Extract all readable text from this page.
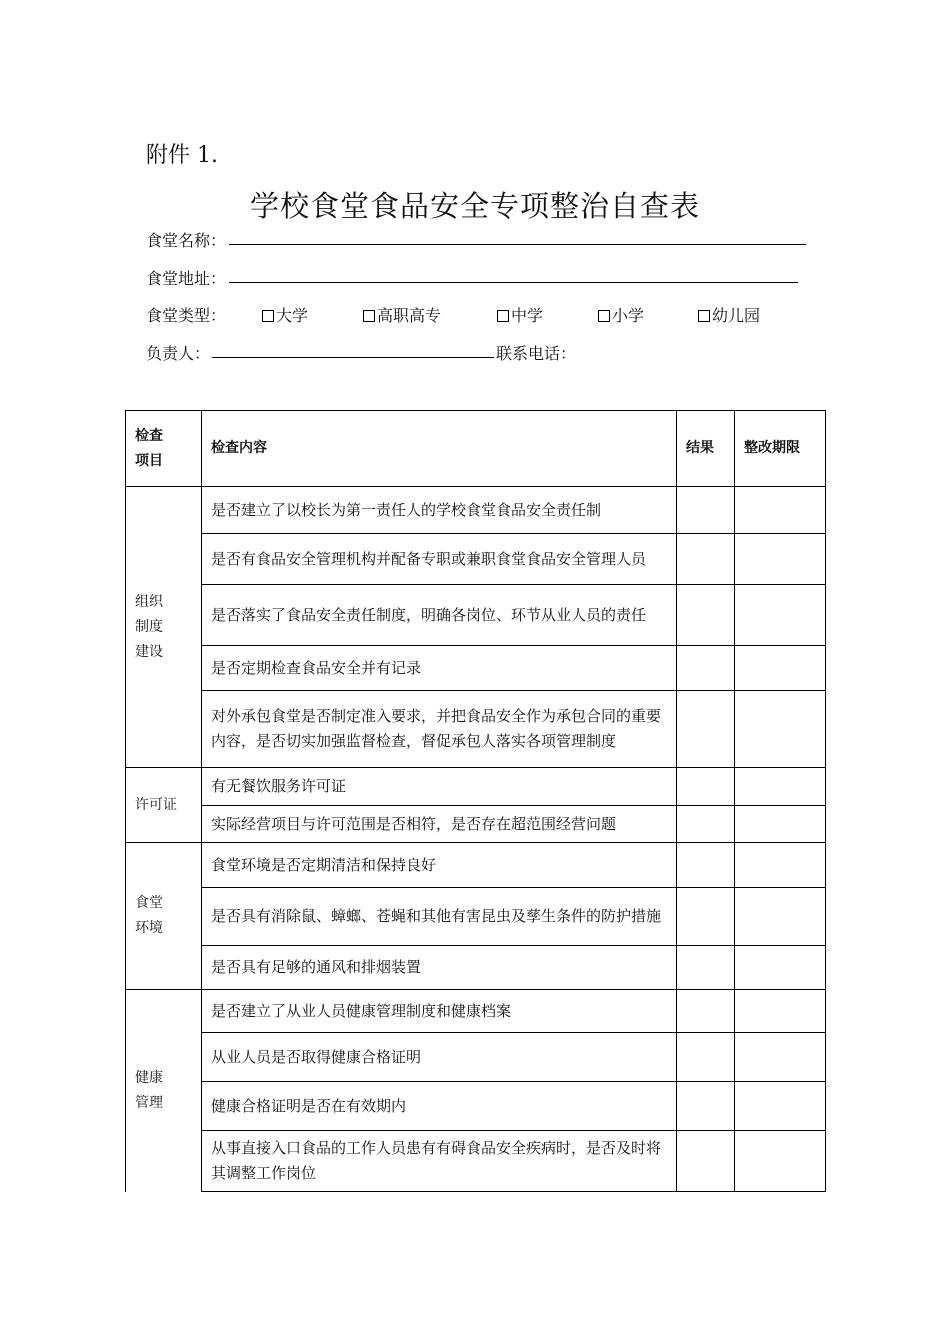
附件 1.
学校食堂食品安全专项整治自查表
食堂名称：
食堂地址：
食堂类型：	大学	高职高专	中学	小学	幼儿园
负责人：	联系电话：
检查项目	检查内容	结果	整改期限

组织
制度
建设	是否建立了以校长为第一责任人的学校食堂食品安全责任制		
	是否有食品安全管理机构并配备专职或兼职食堂食品安全管理人员		
	是否落实了食品安全责任制度，明确各岗位、环节从业人员的责任		
	是否定期检查食品安全并有记录		
	对外承包食堂是否制定准入要求，并把食品安全作为承包合同的重要内容，是否切实加强监督检查，督促承包人落实各项管理制度		

许可证	有无餐饮服务许可证		
	实际经营项目与许可范围是否相符，是否存在超范围经营问题		

食堂
环境	食堂环境是否定期清洁和保持良好		
	是否具有消除鼠、蟑螂、苍蝇和其他有害昆虫及孳生条件的防护措施		
	是否具有足够的通风和排烟装置		

健康
管理	是否建立了从业人员健康管理制度和健康档案		
	从业人员是否取得健康合格证明		
	健康合格证明是否在有效期内		
	从事直接入口食品的工作人员患有有碍食品安全疾病时，是否及时将其调整工作岗位		
